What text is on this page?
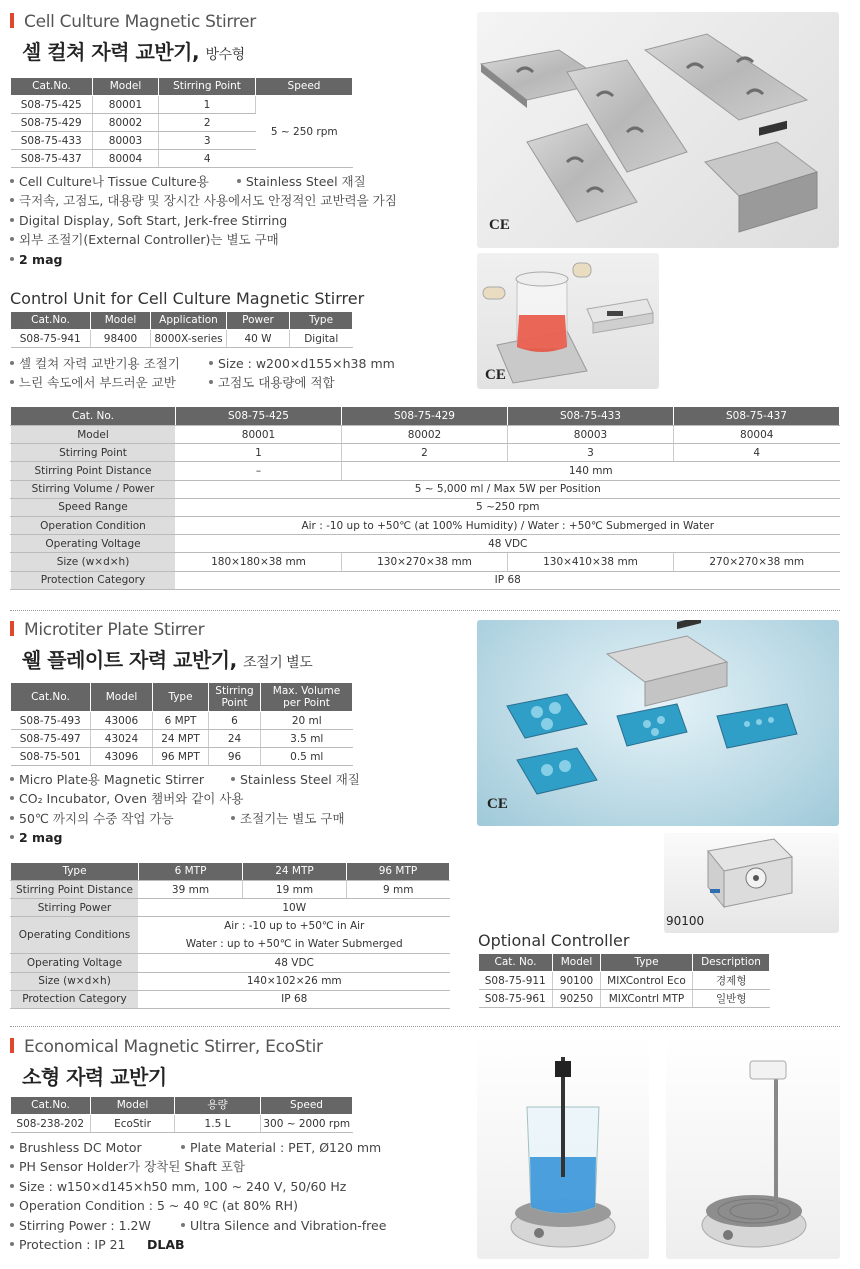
Cell Culture Magnetic Stirrer
셀 컬쳐 자력 교반기, 방수형
Cat.No.	Model	Stirring Point	Speed
S08-75-425	80001	1	5 ~ 250 rpm
S08-75-429	80002	2	
S08-75-433	80003	3	
S08-75-437	80004	4	
Cell Culture나 Tissue Culture용	Stainless Steel 재질
극저속, 고점도, 대용량 및 장시간 사용에서도 안정적인 교반력을 가짐
Digital Display, Soft Start, Jerk-free Stirring
외부 조절기(External Controller)는 별도 구매
2 mag
CE
Control Unit for Cell Culture Magnetic Stirrer
Cat.No.	Model	Application	Power	Type
S08-75-941	98400	8000X-series	40 W	Digital
셀 컬쳐 자력 교반기용 조절기	Size : w200×d155×h38 mm
느린 속도에서 부드러운 교반	고점도 대용량에 적합	CE
Cat. No.	S08-75-425	S08-75-429	S08-75-433	S08-75-437
Model	80001	80002	80003	80004
Stirring Point	1	2	3	4
Stirring Point Distance	–	140 mm		
Stirring Volume / Power	5 ~ 5,000 ml / Max 5W per Position			
Speed Range	5 ~250 rpm			
Operation Condition	Air : -10 up to +50℃ (at 100% Humidity) / Water : +50℃ Submerged in Water			
Operating Voltage	48 VDC			
Size (w×d×h)	180×180×38 mm	130×270×38 mm	130×410×38 mm	270×270×38 mm
Protection Category	IP 68			
Microtiter Plate Stirrer
웰 플레이트 자력 교반기, 조절기 별도
Cat.No.	Model	Type	Stirring Point	Max. Volume per Point
S08-75-493	43006	6 MPT	6	20 ml
S08-75-497	43024	24 MPT	24	3.5 ml
S08-75-501	43096	96 MPT	96	0.5 ml
Micro Plate용 Magnetic Stirrer	Stainless Steel 재질
CO₂ Incubator, Oven 챔버와 같이 사용
50℃ 까지의 수중 작업 가능	조절기는 별도 구매
2 mag
CE
Type	6 MTP	24 MTP	96 MTP
Stirring Point Distance	39 mm	19 mm	9 mm
Stirring Power	10W		
Operating Conditions	Air : -10 up to +50℃ in Air
Water : up to +50℃ in Water Submerged		

Operating Voltage	48 VDC		
Size (w×d×h)	140×102×26 mm		
Protection Category	IP 68		
90100
Optional Controller
Cat. No.	Model	Type	Description
S08-75-911	90100	MIXControl Eco	경제형
S08-75-961	90250	MIXContrl MTP	일반형
Economical Magnetic Stirrer, EcoStir
소형 자력 교반기
Cat.No.	Model	용량	Speed
S08-238-202	EcoStir	1.5 L	300 ~ 2000 rpm
Brushless DC Motor	Plate Material : PET, Ø120 mm
PH Sensor Holder가 장착된 Shaft 포함
Size : w150×d145×h50 mm, 100 ~ 240 V, 50/60 Hz
Operation Condition : 5 ~ 40 ºC (at 80% RH)
Stirring Power : 1.2W	Ultra Silence and Vibration-free
Protection : IP 21 DLAB
